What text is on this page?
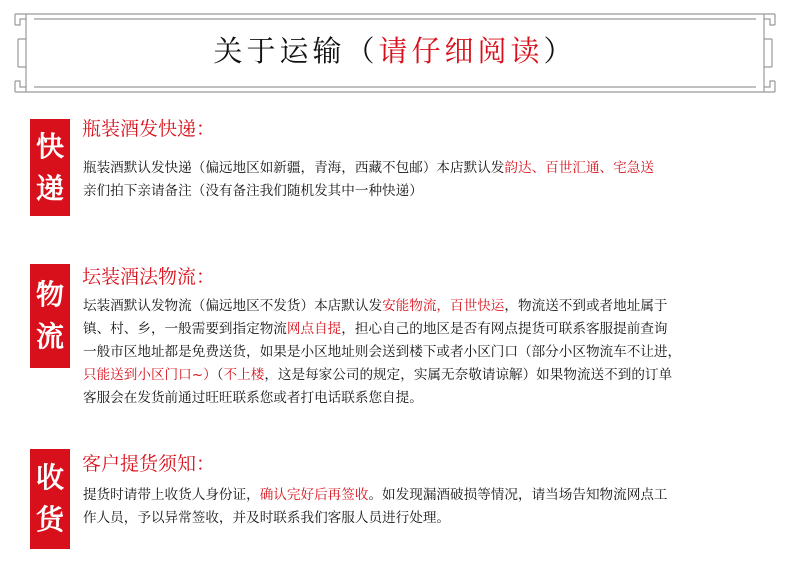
关于运输（请仔细阅读）
快
递
瓶装酒发快递：
瓶装酒默认发快递（偏远地区如新疆，青海，西藏不包邮）本店默认发韵达、百世汇通、宅急送
亲们拍下亲请备注（没有备注我们随机发其中一种快递）
物
流
坛装酒法物流：
坛装酒默认发物流（偏远地区不发货）本店默认发安能物流，百世快运，物流送不到或者地址属于
镇、村、乡，一般需要到指定物流网点自提，担心自己的地区是否有网点提货可联系客服提前查询
一般市区地址都是免费送货，如果是小区地址则会送到楼下或者小区门口（部分小区物流车不让进，
只能送到小区门口~）（不上楼，这是每家公司的规定，实属无奈敬请谅解）如果物流送不到的订单
客服会在发货前通过旺旺联系您或者打电话联系您自提。
收
货
客户提货须知：
提货时请带上收货人身份证，确认完好后再签收。如发现漏酒破损等情况，请当场告知物流网点工
作人员，予以异常签收，并及时联系我们客服人员进行处理。
